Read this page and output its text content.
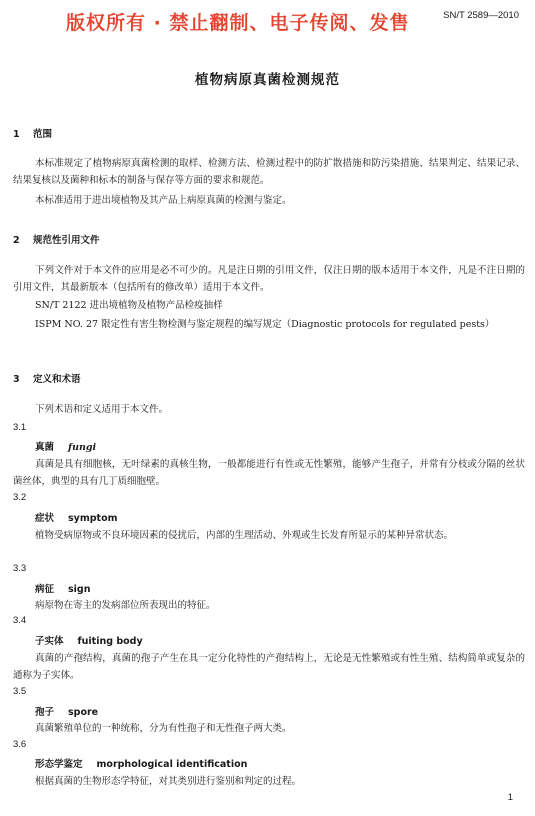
版权所有 · 禁止翻制、电子传阅、发售	SN/T 2589—2010
植物病原真菌检测规范
1 范围

本标准规定了植物病原真菌检测的取样、检测方法、检测过程中的防扩散措施和防污染措施、结果判定、结果记录、结果复核以及菌种和标本的制备与保存等方面的要求和规范。

本标准适用于进出境植物及其产品上病原真菌的检测与鉴定。

2 规范性引用文件

下列文件对于本文件的应用是必不可少的。凡是注日期的引用文件，仅注日期的版本适用于本文件，凡是不注日期的引用文件，其最新版本（包括所有的修改单）适用于本文件。

SN/T 2122 进出境植物及植物产品检疫抽样

ISPM NO. 27 限定性有害生物检测与鉴定规程的编写规定（Diagnostic protocols for regulated pests）

3 定义和术语

下列术语和定义适用于本文件。

3.1
真菌 fungi

真菌是具有细胞核，无叶绿素的真核生物，一般都能进行有性或无性繁殖，能够产生孢子，并常有分枝或分隔的丝状菌丝体，典型的具有几丁质细胞壁。

3.2
症状 symptom

植物受病原物或不良环境因素的侵扰后，内部的生理活动、外观或生长发育所显示的某种异常状态。

3.3
病征 sign

病原物在寄主的发病部位所表现出的特征。

3.4
子实体 fuiting body

真菌的产孢结构，真菌的孢子产生在具一定分化特性的产孢结构上，无论是无性繁殖或有性生殖、结构简单或复杂的通称为子实体。

3.5
孢子 spore

真菌繁殖单位的一种统称，分为有性孢子和无性孢子两大类。

3.6
形态学鉴定 morphological identification

根据真菌的生物形态学特征，对其类别进行鉴别和判定的过程。

1
